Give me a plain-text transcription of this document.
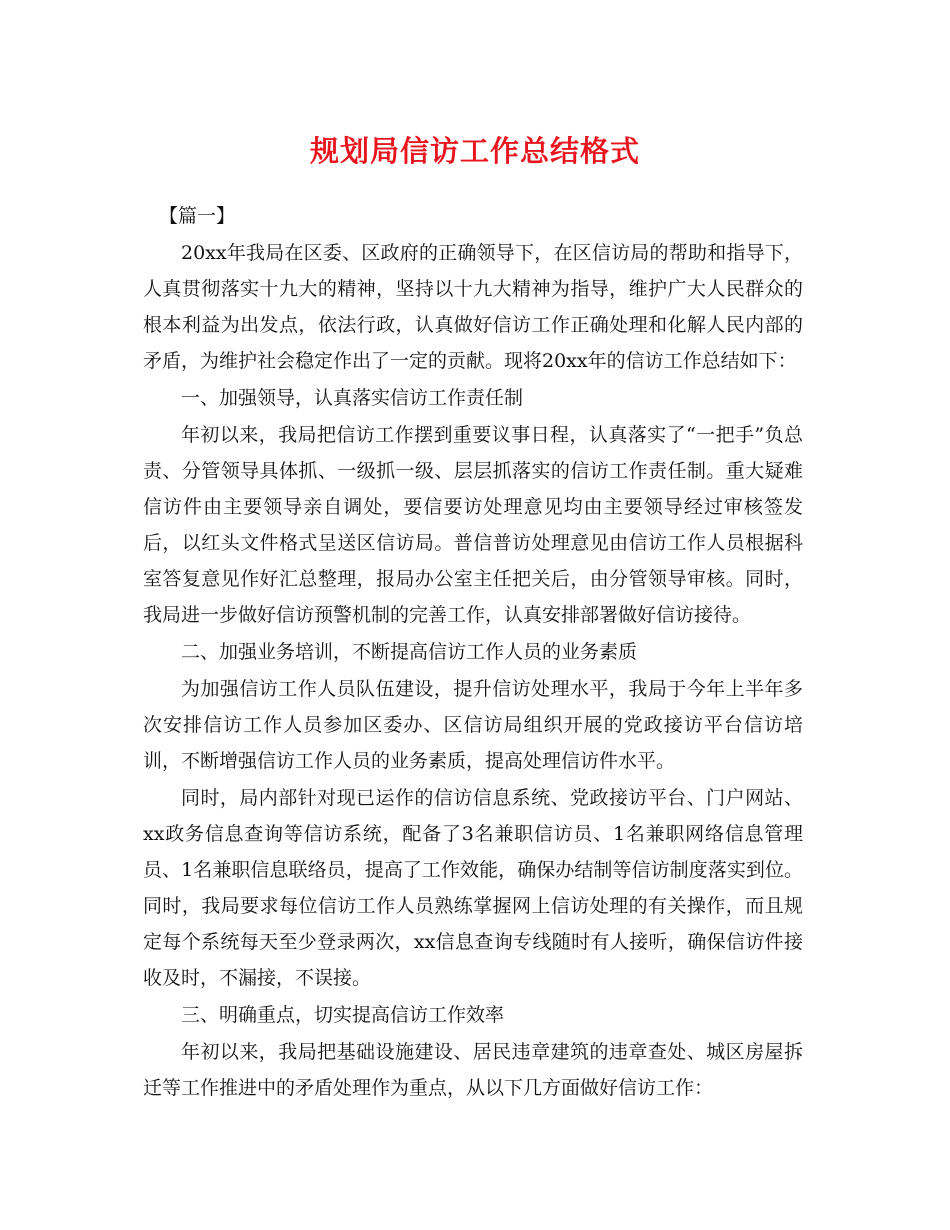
规划局信访工作总结格式

【篇一】

20xx年我局在区委、区政府的正确领导下，在区信访局的帮助和指导下，人真贯彻落实十九大的精神，坚持以十九大精神为指导，维护广大人民群众的根本利益为出发点，依法行政，认真做好信访工作正确处理和化解人民内部的矛盾，为维护社会稳定作出了一定的贡献。现将20xx年的信访工作总结如下：

一、加强领导，认真落实信访工作责任制

年初以来，我局把信访工作摆到重要议事日程，认真落实了“一把手”负总责、分管领导具体抓、一级抓一级、层层抓落实的信访工作责任制。重大疑难信访件由主要领导亲自调处，要信要访处理意见均由主要领导经过审核签发后，以红头文件格式呈送区信访局。普信普访处理意见由信访工作人员根据科室答复意见作好汇总整理，报局办公室主任把关后，由分管领导审核。同时，我局进一步做好信访预警机制的完善工作，认真安排部署做好信访接待。

二、加强业务培训，不断提高信访工作人员的业务素质

为加强信访工作人员队伍建设，提升信访处理水平，我局于今年上半年多次安排信访工作人员参加区委办、区信访局组织开展的党政接访平台信访培训，不断增强信访工作人员的业务素质，提高处理信访件水平。

同时，局内部针对现已运作的信访信息系统、党政接访平台、门户网站、xx政务信息查询等信访系统，配备了3名兼职信访员、1名兼职网络信息管理员、1名兼职信息联络员，提高了工作效能，确保办结制等信访制度落实到位。同时，我局要求每位信访工作人员熟练掌握网上信访处理的有关操作，而且规定每个系统每天至少登录两次，xx信息查询专线随时有人接听，确保信访件接收及时，不漏接，不误接。

三、明确重点，切实提高信访工作效率

年初以来，我局把基础设施建设、居民违章建筑的违章查处、城区房屋拆迁等工作推进中的矛盾处理作为重点，从以下几方面做好信访工作：
